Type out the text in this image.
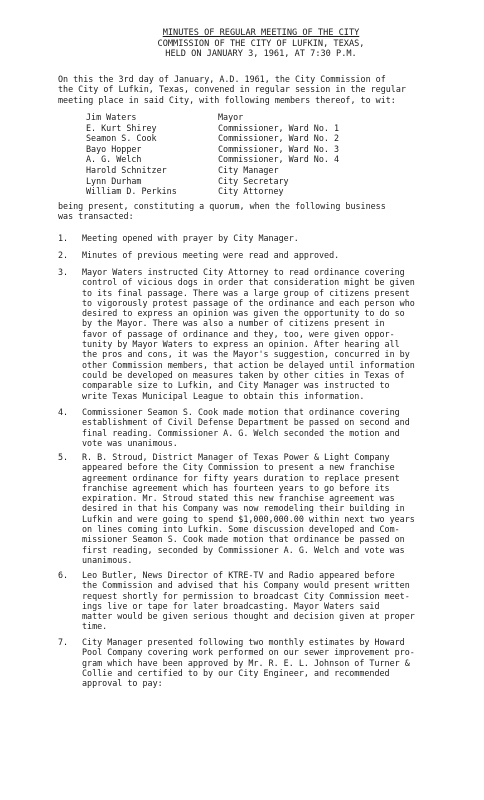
MINUTES OF REGULAR MEETING OF THE CITY
COMMISSION OF THE CITY OF LUFKIN, TEXAS,
HELD ON JANUARY 3, 1961, AT 7:30 P.M.
On this the 3rd day of January, A.D. 1961, the City Commission of
the City of Lufkin, Texas, convened in regular session in the regular
meeting place in said City, with following members thereof, to wit:
Jim Waters	Mayor
E. Kurt Shirey	Commissioner, Ward No. 1
Seamon S. Cook	Commissioner, Ward No. 2
Bayo Hopper	Commissioner, Ward No. 3
A. G. Welch	Commissioner, Ward No. 4
Harold Schnitzer	City Manager
Lynn Durham	City Secretary
William D. Perkins	City Attorney
being present, constituting a quorum, when the following business
was transacted:
1.	Meeting opened with prayer by City Manager.
2.	Minutes of previous meeting were read and approved.
3.	Mayor Waters instructed City Attorney to read ordinance covering
control of vicious dogs in order that consideration might be given
to its final passage. There was a large group of citizens present
to vigorously protest passage of the ordinance and each person who
desired to express an opinion was given the opportunity to do so
by the Mayor. There was also a number of citizens present in
favor of passage of ordinance and they, too, were given oppor-
tunity by Mayor Waters to express an opinion. After hearing all
the pros and cons, it was the Mayor's suggestion, concurred in by
other Commission members, that action be delayed until information
could be developed on measures taken by other cities in Texas of
comparable size to Lufkin, and City Manager was instructed to
write Texas Municipal League to obtain this information.
4.	Commissioner Seamon S. Cook made motion that ordinance covering
establishment of Civil Defense Department be passed on second and
final reading. Commissioner A. G. Welch seconded the motion and
vote was unanimous.
5.	R. B. Stroud, District Manager of Texas Power & Light Company
appeared before the City Commission to present a new franchise
agreement ordinance for fifty years duration to replace present
franchise agreement which has fourteen years to go before its
expiration. Mr. Stroud stated this new franchise agreement was
desired in that his Company was now remodeling their building in
Lufkin and were going to spend $1,000,000.00 within next two years
on lines coming into Lufkin. Some discussion developed and Com-
missioner Seamon S. Cook made motion that ordinance be passed on
first reading, seconded by Commissioner A. G. Welch and vote was
unanimous.
6.	Leo Butler, News Director of KTRE-TV and Radio appeared before
the Commission and advised that his Company would present written
request shortly for permission to broadcast City Commission meet-
ings live or tape for later broadcasting. Mayor Waters said
matter would be given serious thought and decision given at proper
time.
7.	City Manager presented following two monthly estimates by Howard
Pool Company covering work performed on our sewer improvement pro-
gram which have been approved by Mr. R. E. L. Johnson of Turner &
Collie and certified to by our City Engineer, and recommended
approval to pay:
